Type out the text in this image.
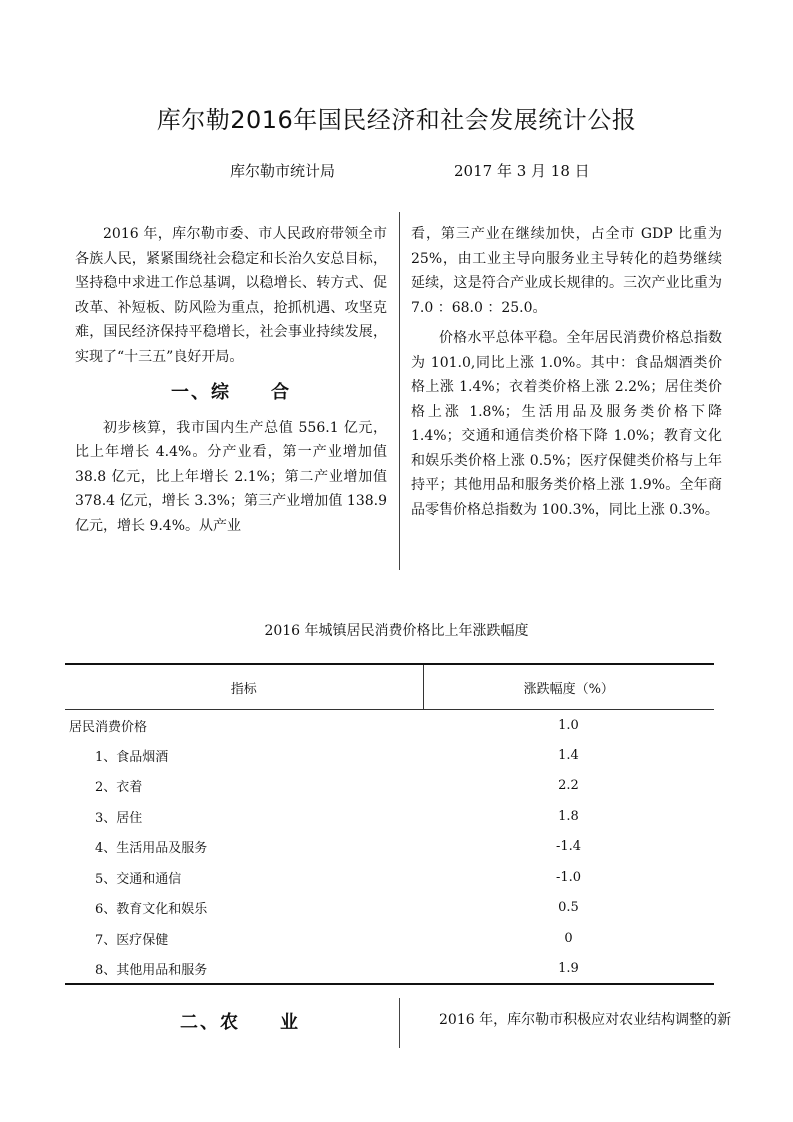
库尔勒2016年国民经济和社会发展统计公报
库尔勒市统计局	2017 年 3 月 18 日

2016 年，库尔勒市委、市人民政府带领全市各族人民，紧紧围绕社会稳定和长治久安总目标，坚持稳中求进工作总基调，以稳增长、转方式、促改革、补短板、防风险为重点，抢抓机遇、攻坚克难，国民经济保持平稳增长，社会事业持续发展，实现了“十三五”良好开局。

一、综　　合

初步核算，我市国内生产总值 556.1 亿元，比上年增长 4.4%。分产业看，第一产业增加值 38.8 亿元，比上年增长 2.1%；第二产业增加值 378.4 亿元，增长 3.3%；第三产业增加值 138.9 亿元，增长 9.4%。从产业

看，第三产业在继续加快，占全市 GDP 比重为 25%，由工业主导向服务业主导转化的趋势继续延续，这是符合产业成长规律的。三次产业比重为 7.0 ：68.0 ：25.0。

价格水平总体平稳。全年居民消费价格总指数为 101.0,同比上涨 1.0%。其中：食品烟酒类价格上涨 1.4%；衣着类价格上涨 2.2%；居住类价格上涨 1.8%；生活用品及服务类价格下降 1.4%；交通和通信类价格下降 1.0%；教育文化和娱乐类价格上涨 0.5%；医疗保健类价格与上年持平；其他用品和服务类价格上涨 1.9%。全年商品零售价格总指数为 100.3%，同比上涨 0.3%。

2016 年城镇居民消费价格比上年涨跌幅度
指标	涨跌幅度（%）
居民消费价格	1.0
1、食品烟酒	1.4
2、衣着	2.2
3、居住	1.8
4、生活用品及服务	-1.4
5、交通和通信	-1.0
6、教育文化和娱乐	0.5
7、医疗保健	0
8、其他用品和服务	1.9
二、农　　业	2016 年，库尔勒市积极应对农业结构调整的新
